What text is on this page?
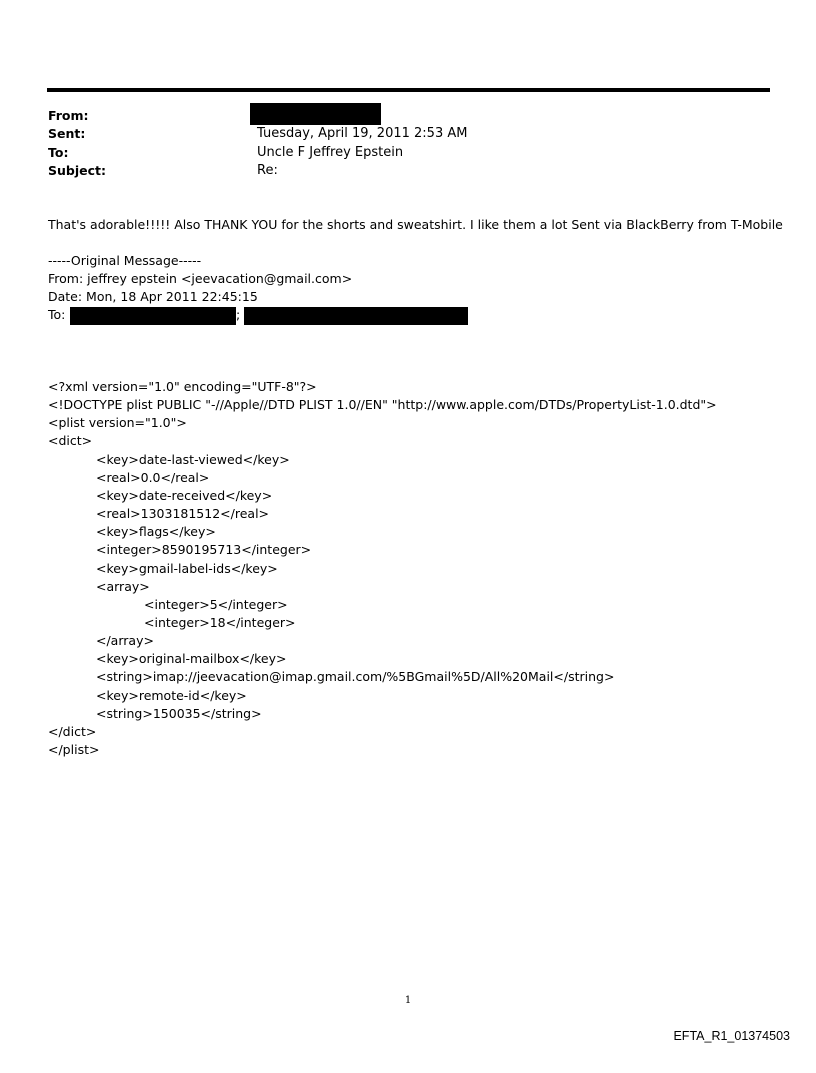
From:
Sent:	Tuesday, April 19, 2011 2:53 AM
To:	Uncle F Jeffrey Epstein
Subject:	Re:
That's adorable!!!!! Also THANK YOU for the shorts and sweatshirt. I like them a lot Sent via BlackBerry from T-Mobile
-----Original Message-----
From: jeffrey epstein <jeevacation@gmail.com>
Date: Mon, 18 Apr 2011 22:45:15
To:	;
<?xml version="1.0" encoding="UTF-8"?>
<!DOCTYPE plist PUBLIC "-//Apple//DTD PLIST 1.0//EN" "http://www.apple.com/DTDs/PropertyList-1.0.dtd">
<plist version="1.0">
<dict>
<key>date-last-viewed</key>
<real>0.0</real>
<key>date-received</key>
<real>1303181512</real>
<key>flags</key>
<integer>8590195713</integer>
<key>gmail-label-ids</key>
<array>
<integer>5</integer>
<integer>18</integer>
</array>
<key>original-mailbox</key>
<string>imap://jeevacation@imap.gmail.com/%5BGmail%5D/All%20Mail</string>
<key>remote-id</key>
<string>150035</string>
</dict>
</plist>
1
EFTA_R1_01374503
